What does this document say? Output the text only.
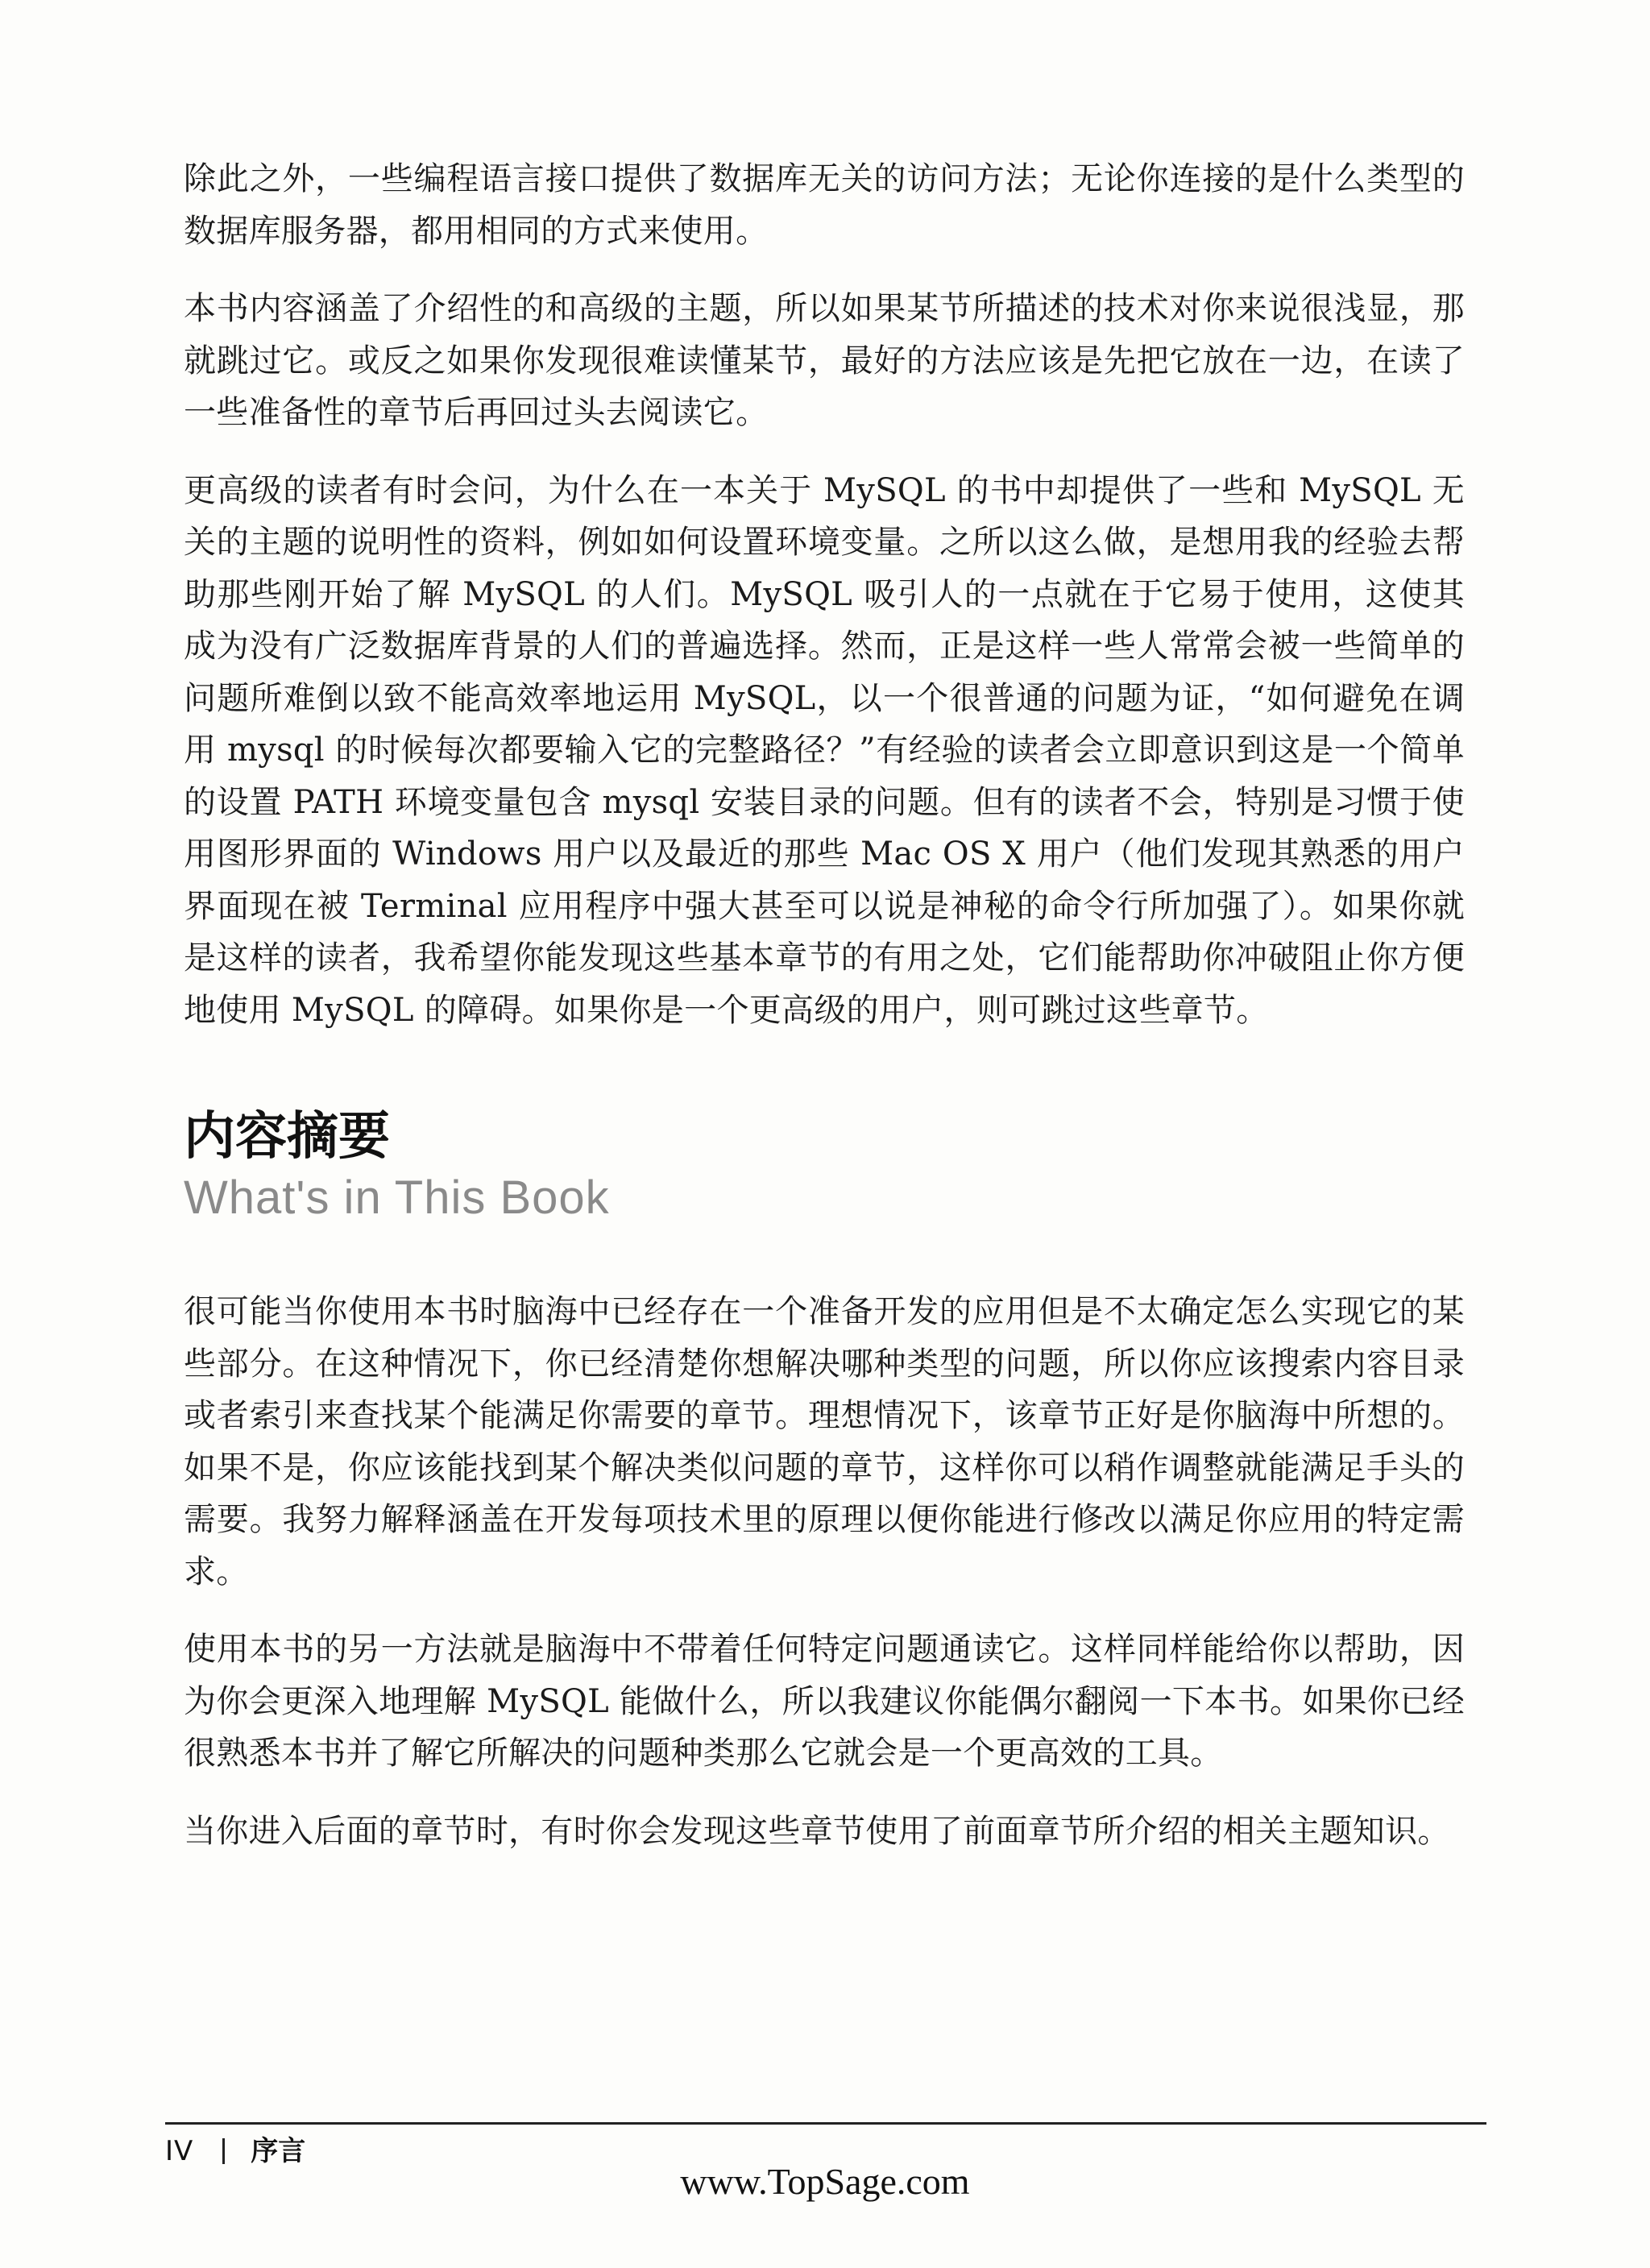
除此之外，一些编程语言接口提供了数据库无关的访问方法；无论你连接的是什么类型的数据库服务器，都用相同的方式来使用。

本书内容涵盖了介绍性的和高级的主题，所以如果某节所描述的技术对你来说很浅显，那就跳过它。或反之如果你发现很难读懂某节，最好的方法应该是先把它放在一边，在读了一些准备性的章节后再回过头去阅读它。

更高级的读者有时会问，为什么在一本关于 MySQL 的书中却提供了一些和 MySQL 无关的主题的说明性的资料，例如如何设置环境变量。之所以这么做，是想用我的经验去帮助那些刚开始了解 MySQL 的人们。MySQL 吸引人的一点就在于它易于使用，这使其成为没有广泛数据库背景的人们的普遍选择。然而，正是这样一些人常常会被一些简单的问题所难倒以致不能高效率地运用 MySQL，以一个很普通的问题为证，“如何避免在调用 mysql 的时候每次都要输入它的完整路径？”有经验的读者会立即意识到这是一个简单的设置 PATH 环境变量包含 mysql 安装目录的问题。但有的读者不会，特别是习惯于使用图形界面的 Windows 用户以及最近的那些 Mac OS X 用户（他们发现其熟悉的用户界面现在被 Terminal 应用程序中强大甚至可以说是神秘的命令行所加强了）。如果你就是这样的读者，我希望你能发现这些基本章节的有用之处，它们能帮助你冲破阻止你方便地使用 MySQL 的障碍。如果你是一个更高级的用户，则可跳过这些章节。

内容摘要
What's in This Book

很可能当你使用本书时脑海中已经存在一个准备开发的应用但是不太确定怎么实现它的某些部分。在这种情况下，你已经清楚你想解决哪种类型的问题，所以你应该搜索内容目录或者索引来查找某个能满足你需要的章节。理想情况下，该章节正好是你脑海中所想的。如果不是，你应该能找到某个解决类似问题的章节，这样你可以稍作调整就能满足手头的需要。我努力解释涵盖在开发每项技术里的原理以便你能进行修改以满足你应用的特定需求。

使用本书的另一方法就是脑海中不带着任何特定问题通读它。这样同样能给你以帮助，因为你会更深入地理解 MySQL 能做什么，所以我建议你能偶尔翻阅一下本书。如果你已经很熟悉本书并了解它所解决的问题种类那么它就会是一个更高效的工具。

当你进入后面的章节时，有时你会发现这些章节使用了前面章节所介绍的相关主题知识。

IV 序言
www.TopSage.com
